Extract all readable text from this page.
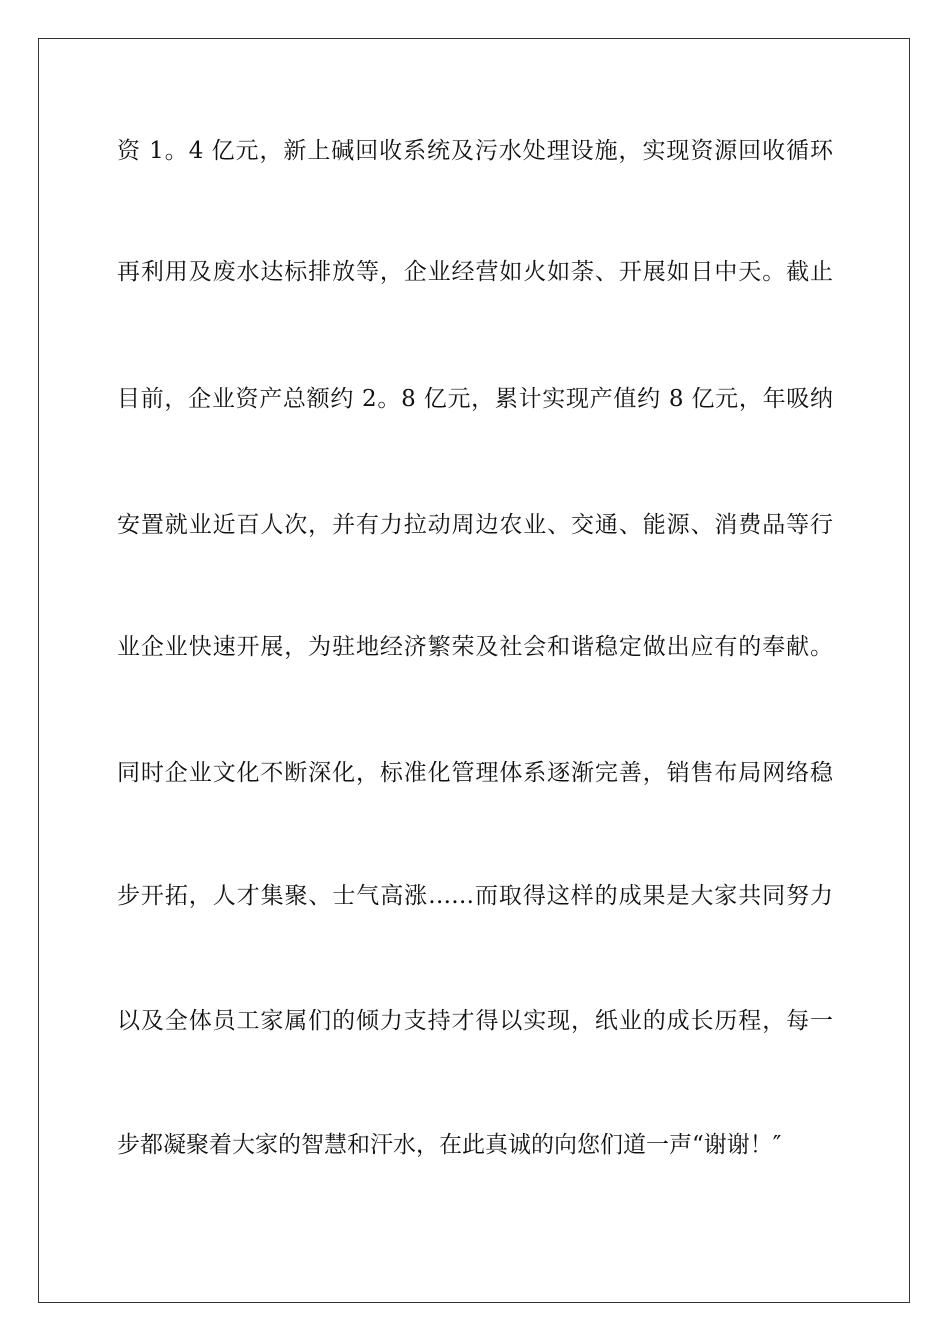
资 1。4 亿元，新上碱回收系统及污水处理设施，实现资源回收循环
再利用及废水达标排放等，企业经营如火如荼、开展如日中天。截止
目前，企业资产总额约 2。8 亿元，累计实现产值约 8 亿元，年吸纳
安置就业近百人次，并有力拉动周边农业、交通、能源、消费品等行
业企业快速开展，为驻地经济繁荣及社会和谐稳定做出应有的奉献。
同时企业文化不断深化，标准化管理体系逐渐完善，销售布局网络稳
步开拓，人才集聚、士气高涨……而取得这样的成果是大家共同努力
以及全体员工家属们的倾力支持才得以实现，纸业的成长历程，每一
步都凝聚着大家的智慧和汗水，在此真诚的向您们道一声“谢谢！″
